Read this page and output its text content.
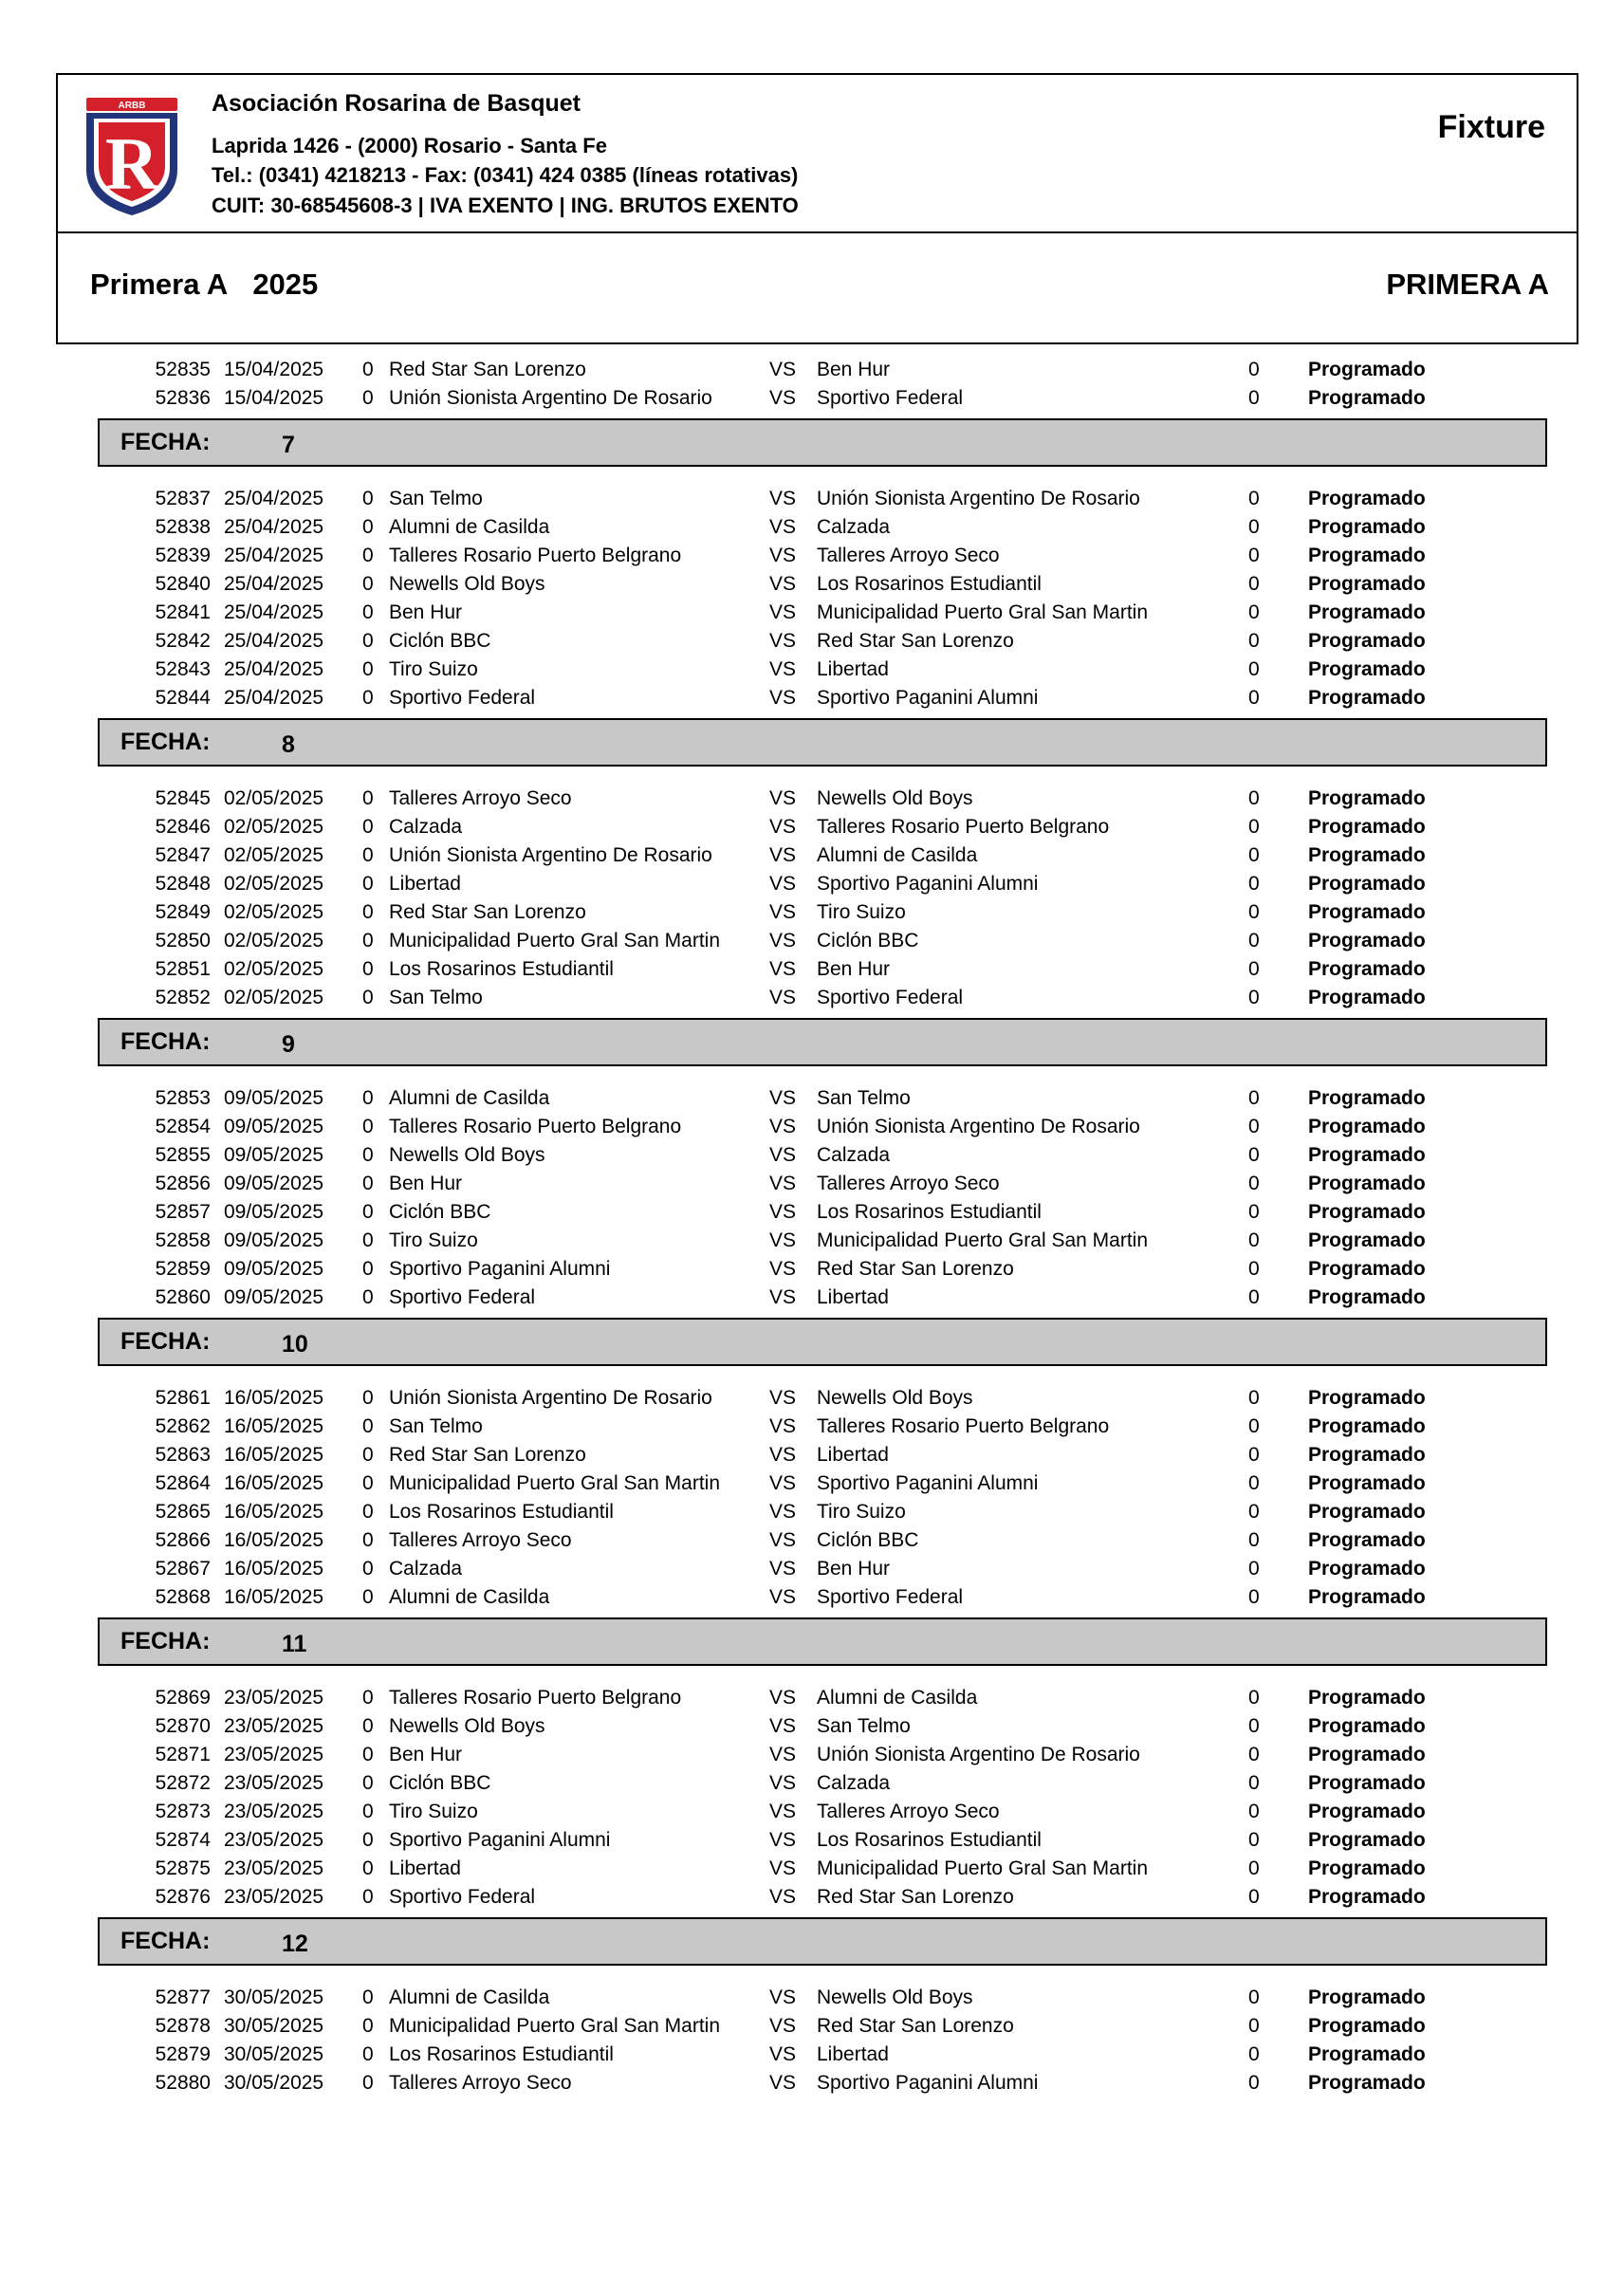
ARBB
R
Asociación Rosarina de Basquet
Laprida 1426 - (2000) Rosario - Santa Fe
Tel.: (0341) 4218213 - Fax: (0341) 424 0385 (líneas rotativas)
CUIT: 30-68545608-3 | IVA EXENTO | ING. BRUTOS EXENTO
Fixture
Primera A 2025	PRIMERA A
52835 15/04/2025 0 Red Star San Lorenzo	VS Ben Hur	0 Programado
52836 15/04/2025 0 Unión Sionista Argentino De Rosario	VS Sportivo Federal	0 Programado
FECHA:	7
52837 25/04/2025 0 San Telmo	VS Unión Sionista Argentino De Rosario	0 Programado
52838 25/04/2025 0 Alumni de Casilda	VS Calzada	0 Programado
52839 25/04/2025 0 Talleres Rosario Puerto Belgrano	VS Talleres Arroyo Seco	0 Programado
52840 25/04/2025 0 Newells Old Boys	VS Los Rosarinos Estudiantil	0 Programado
52841 25/04/2025 0 Ben Hur	VS Municipalidad Puerto Gral San Martin	0 Programado
52842 25/04/2025 0 Ciclón BBC	VS Red Star San Lorenzo	0 Programado
52843 25/04/2025 0 Tiro Suizo	VS Libertad	0 Programado
52844 25/04/2025 0 Sportivo Federal	VS Sportivo Paganini Alumni	0 Programado
FECHA:	8
52845 02/05/2025 0 Talleres Arroyo Seco	VS Newells Old Boys	0 Programado
52846 02/05/2025 0 Calzada	VS Talleres Rosario Puerto Belgrano	0 Programado
52847 02/05/2025 0 Unión Sionista Argentino De Rosario	VS Alumni de Casilda	0 Programado
52848 02/05/2025 0 Libertad	VS Sportivo Paganini Alumni	0 Programado
52849 02/05/2025 0 Red Star San Lorenzo	VS Tiro Suizo	0 Programado
52850 02/05/2025 0 Municipalidad Puerto Gral San Martin VS Ciclón BBC	0 Programado
52851 02/05/2025 0 Los Rosarinos Estudiantil	VS Ben Hur	0 Programado
52852 02/05/2025 0 San Telmo	VS Sportivo Federal	0 Programado
FECHA:	9
52853 09/05/2025 0 Alumni de Casilda	VS San Telmo	0 Programado
52854 09/05/2025 0 Talleres Rosario Puerto Belgrano	VS Unión Sionista Argentino De Rosario	0 Programado
52855 09/05/2025 0 Newells Old Boys	VS Calzada	0 Programado
52856 09/05/2025 0 Ben Hur	VS Talleres Arroyo Seco	0 Programado
52857 09/05/2025 0 Ciclón BBC	VS Los Rosarinos Estudiantil	0 Programado
52858 09/05/2025 0 Tiro Suizo	VS Municipalidad Puerto Gral San Martin	0 Programado
52859 09/05/2025 0 Sportivo Paganini Alumni	VS Red Star San Lorenzo	0 Programado
52860 09/05/2025 0 Sportivo Federal	VS Libertad	0 Programado
FECHA:	10
52861 16/05/2025 0 Unión Sionista Argentino De Rosario	VS Newells Old Boys	0 Programado
52862 16/05/2025 0 San Telmo	VS Talleres Rosario Puerto Belgrano	0 Programado
52863 16/05/2025 0 Red Star San Lorenzo	VS Libertad	0 Programado
52864 16/05/2025 0 Municipalidad Puerto Gral San Martin VS Sportivo Paganini Alumni	0 Programado
52865 16/05/2025 0 Los Rosarinos Estudiantil	VS Tiro Suizo	0 Programado
52866 16/05/2025 0 Talleres Arroyo Seco	VS Ciclón BBC	0 Programado
52867 16/05/2025 0 Calzada	VS Ben Hur	0 Programado
52868 16/05/2025 0 Alumni de Casilda	VS Sportivo Federal	0 Programado
FECHA:	11
52869 23/05/2025 0 Talleres Rosario Puerto Belgrano	VS Alumni de Casilda	0 Programado
52870 23/05/2025 0 Newells Old Boys	VS San Telmo	0 Programado
52871 23/05/2025 0 Ben Hur	VS Unión Sionista Argentino De Rosario	0 Programado
52872 23/05/2025 0 Ciclón BBC	VS Calzada	0 Programado
52873 23/05/2025 0 Tiro Suizo	VS Talleres Arroyo Seco	0 Programado
52874 23/05/2025 0 Sportivo Paganini Alumni	VS Los Rosarinos Estudiantil	0 Programado
52875 23/05/2025 0 Libertad	VS Municipalidad Puerto Gral San Martin	0 Programado
52876 23/05/2025 0 Sportivo Federal	VS Red Star San Lorenzo	0 Programado
FECHA:	12
52877 30/05/2025 0 Alumni de Casilda	VS Newells Old Boys	0 Programado
52878 30/05/2025 0 Municipalidad Puerto Gral San Martin VS Red Star San Lorenzo	0 Programado
52879 30/05/2025 0 Los Rosarinos Estudiantil	VS Libertad	0 Programado
52880 30/05/2025 0 Talleres Arroyo Seco	VS Sportivo Paganini Alumni	0 Programado
